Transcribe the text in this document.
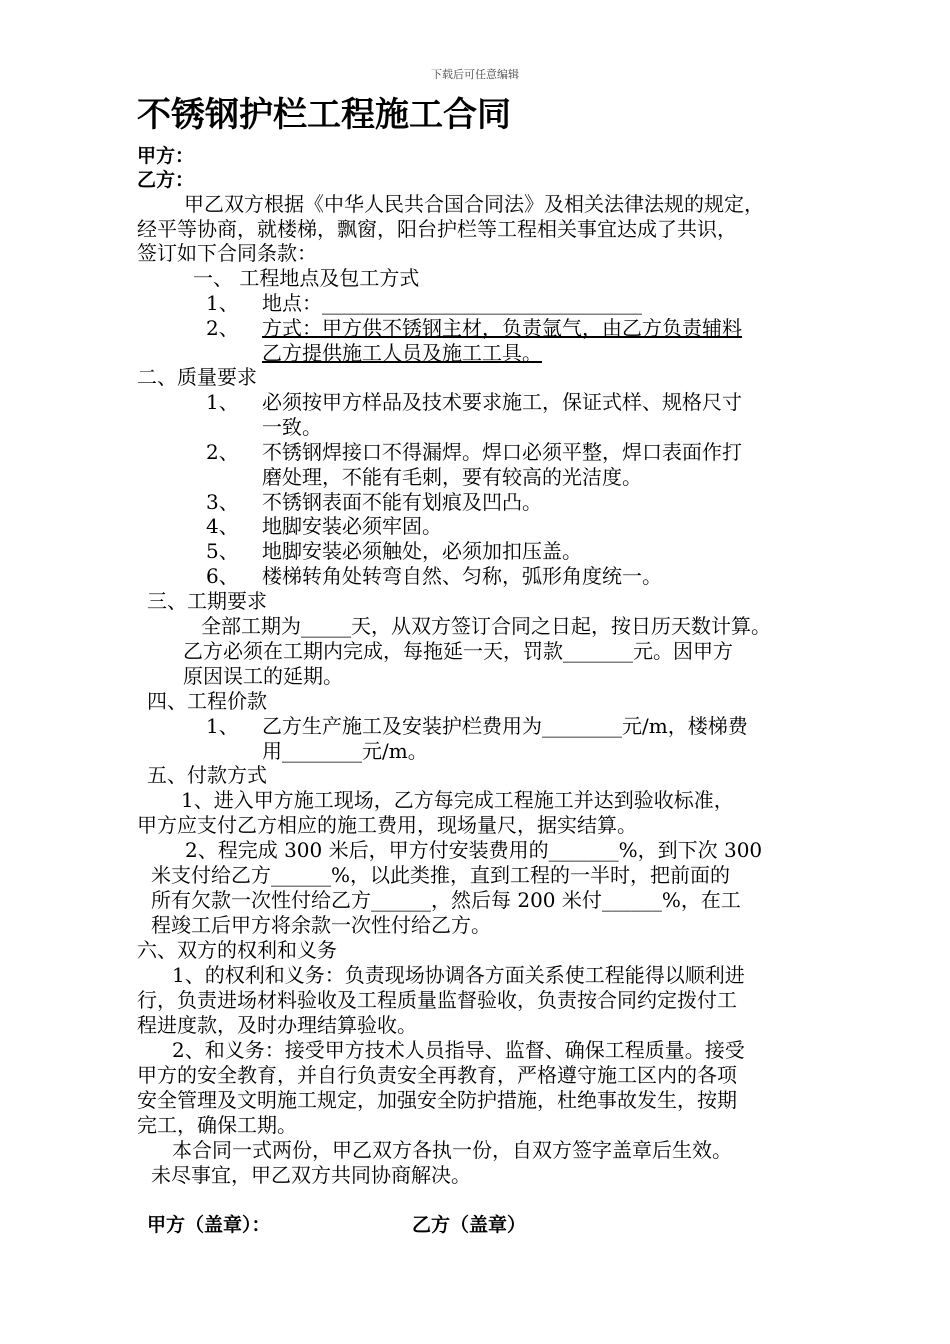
下载后可任意编辑
不锈钢护栏工程施工合同
甲方：
乙方：
甲乙双方根据《中华人民共合国合同法》及相关法律法规的规定，
经平等协商，就楼梯，飘窗，阳台护栏等工程相关事宜达成了共识，
签订如下合同条款：
一、 工程地点及包工方式
1、 地点：________________________________
2、 方式：甲方供不锈钢主材，负责氩气，由乙方负责辅料
乙方提供施工人员及施工工具。
二、质量要求
1、 必须按甲方样品及技术要求施工，保证式样、规格尺寸
一致。
2、 不锈钢焊接口不得漏焊。焊口必须平整，焊口表面作打
磨处理，不能有毛刺，要有较高的光洁度。
3、 不锈钢表面不能有划痕及凹凸。
4、 地脚安装必须牢固。
5、 地脚安装必须触处，必须加扣压盖。
6、 楼梯转角处转弯自然、匀称，弧形角度统一。
三、工期要求
全部工期为_____天，从双方签订合同之日起，按日历天数计算。
乙方必须在工期内完成，每拖延一天，罚款_______元。因甲方
原因误工的延期。
四、工程价款
1、 乙方生产施工及安装护栏费用为________元/m，楼梯费
用________元/m。
五、付款方式
1、进入甲方施工现场，乙方每完成工程施工并达到验收标准，
甲方应支付乙方相应的施工费用，现场量尺，据实结算。
2、程完成 300 米后，甲方付安装费用的_______%，到下次 300
米支付给乙方______%，以此类推，直到工程的一半时，把前面的
所有欠款一次性付给乙方______，然后每 200 米付______%，在工
程竣工后甲方将余款一次性付给乙方。
六、双方的权利和义务
1、的权利和义务：负责现场协调各方面关系使工程能得以顺利进
行，负责进场材料验收及工程质量监督验收，负责按合同约定拨付工
程进度款，及时办理结算验收。
2、和义务：接受甲方技术人员指导、监督、确保工程质量。接受
甲方的安全教育，并自行负责安全再教育，严格遵守施工区内的各项
安全管理及文明施工规定，加强安全防护措施，杜绝事故发生，按期
完工，确保工期。
本合同一式两份，甲乙双方各执一份，自双方签字盖章后生效。
未尽事宜，甲乙双方共同协商解决。
甲方（盖章）：	乙方（盖章）
